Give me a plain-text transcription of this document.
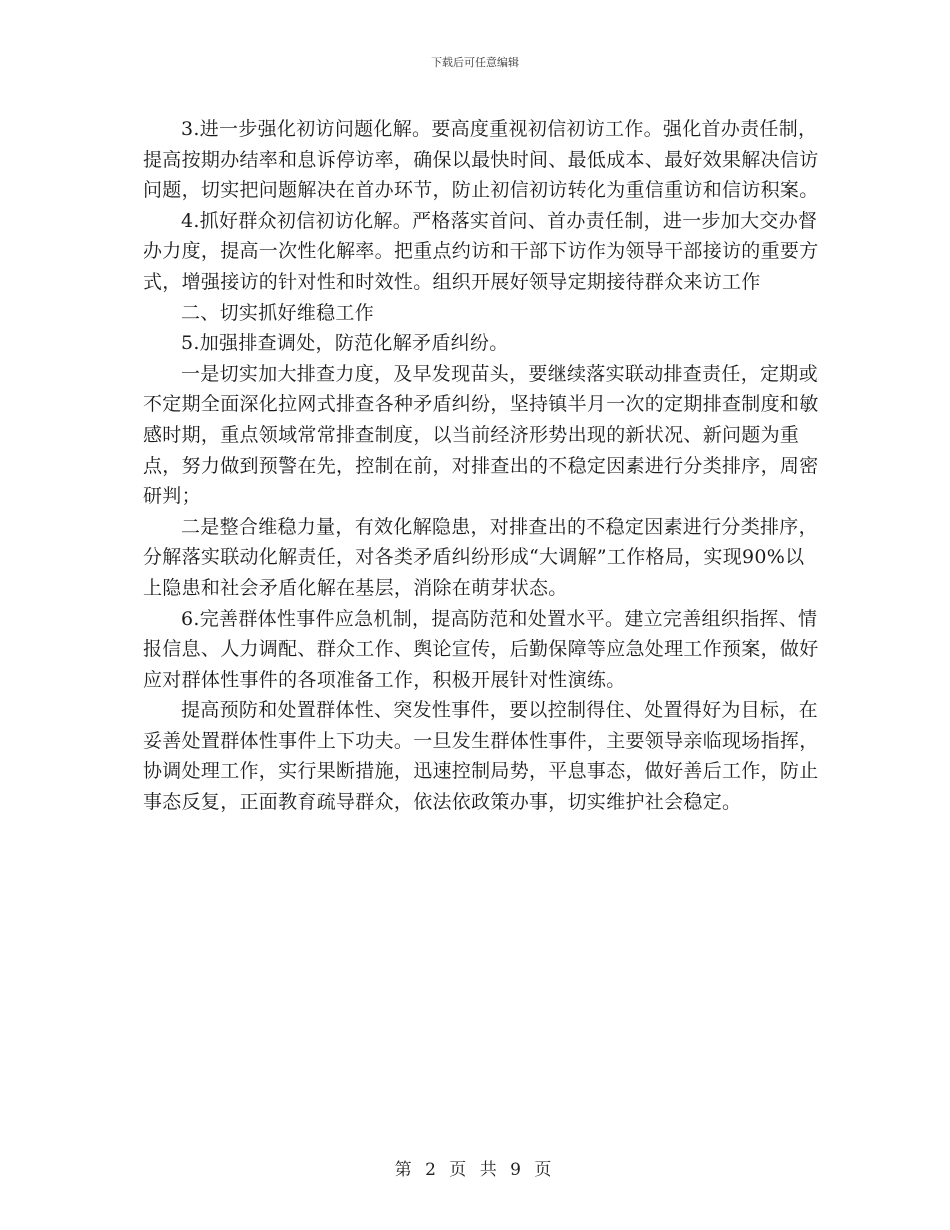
下载后可任意编辑

3.进一步强化初访问题化解。要高度重视初信初访工作。强化首办责任制，提高按期办结率和息诉停访率，确保以最快时间、最低成本、最好效果解决信访问题，切实把问题解决在首办环节，防止初信初访转化为重信重访和信访积案。

4.抓好群众初信初访化解。严格落实首问、首办责任制，进一步加大交办督办力度，提高一次性化解率。把重点约访和干部下访作为领导干部接访的重要方式，增强接访的针对性和时效性。组织开展好领导定期接待群众来访工作

二、切实抓好维稳工作

5.加强排查调处，防范化解矛盾纠纷。

一是切实加大排查力度，及早发现苗头，要继续落实联动排查责任，定期或不定期全面深化拉网式排查各种矛盾纠纷，坚持镇半月一次的定期排查制度和敏感时期，重点领域常常排查制度，以当前经济形势出现的新状况、新问题为重点，努力做到预警在先，控制在前，对排查出的不稳定因素进行分类排序，周密研判；

二是整合维稳力量，有效化解隐患，对排查出的不稳定因素进行分类排序，分解落实联动化解责任，对各类矛盾纠纷形成“大调解”工作格局，实现90%以上隐患和社会矛盾化解在基层，消除在萌芽状态。

6.完善群体性事件应急机制，提高防范和处置水平。建立完善组织指挥、情报信息、人力调配、群众工作、舆论宣传，后勤保障等应急处理工作预案，做好应对群体性事件的各项准备工作，积极开展针对性演练。

提高预防和处置群体性、突发性事件，要以控制得住、处置得好为目标，在妥善处置群体性事件上下功夫。一旦发生群体性事件，主要领导亲临现场指挥，协调处理工作，实行果断措施，迅速控制局势，平息事态，做好善后工作，防止事态反复，正面教育疏导群众，依法依政策办事，切实维护社会稳定。

第 2 页 共 9 页
